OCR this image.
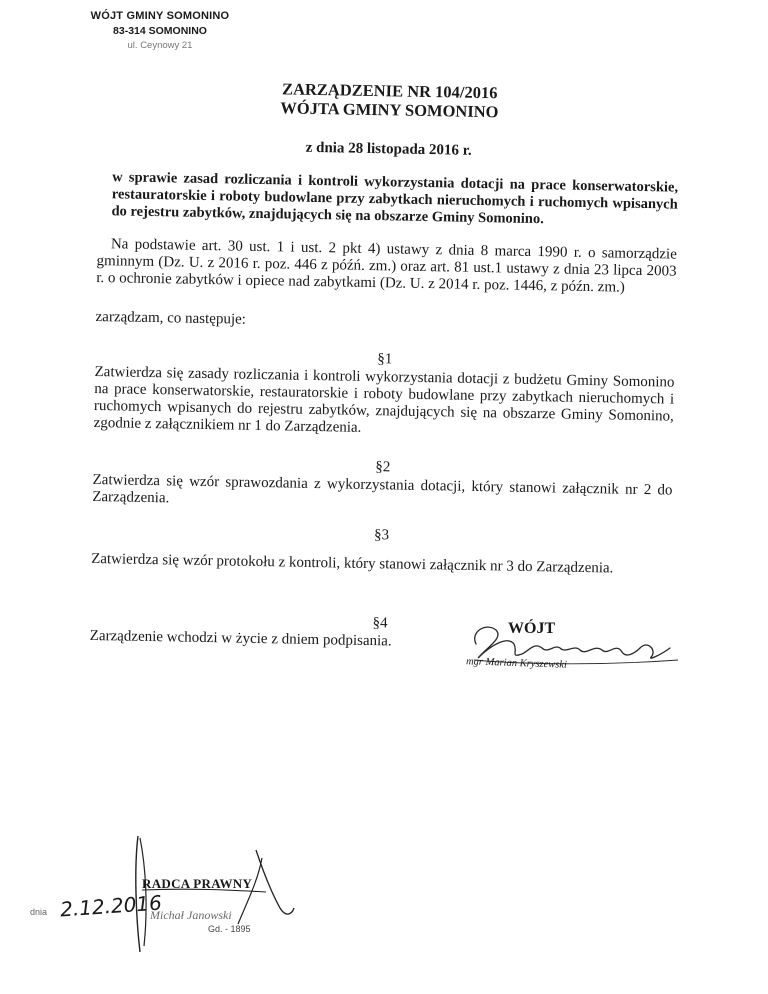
WÓJT GMINY SOMONINO
83-314 SOMONINO
ul. Ceynowy 21
ZARZĄDZENIE NR 104/2016
WÓJTA GMINY SOMONINO
z dnia 28 listopada 2016 r.
w sprawie zasad rozliczania i kontroli wykorzystania dotacji na prace konserwatorskie, restauratorskie i roboty budowlane przy zabytkach nieruchomych i ruchomych wpisanych do rejestru zabytków, znajdujących się na obszarze Gminy Somonino.
Na podstawie art. 30 ust. 1 i ust. 2 pkt 4) ustawy z dnia 8 marca 1990 r. o samorządzie gminnym (Dz. U. z 2016 r. poz. 446 z późń. zm.) oraz art. 81 ust.1 ustawy z dnia 23 lipca 2003 r. o ochronie zabytków i opiece nad zabytkami (Dz. U. z 2014 r. poz. 1446, z późn. zm.)
zarządzam, co następuje:
§1
Zatwierdza się zasady rozliczania i kontroli wykorzystania dotacji z budżetu Gminy Somonino na prace konserwatorskie, restauratorskie i roboty budowlane przy zabytkach nieruchomych i ruchomych wpisanych do rejestru zabytków, znajdujących się na obszarze Gminy Somonino, zgodnie z załącznikiem nr 1 do Zarządzenia.
§2
Zatwierdza się wzór sprawozdania z wykorzystania dotacji, który stanowi załącznik nr 2 do Zarządzenia.
§3
Zatwierdza się wzór protokołu z kontroli, który stanowi załącznik nr 3 do Zarządzenia.
§4
Zarządzenie wchodzi w życie z dniem podpisania.	WÓJT
mgr Marian Kryszewski

RADCA PRAWNY
dnia 2.12.2016
Michał Janowski
Gd. - 1895
